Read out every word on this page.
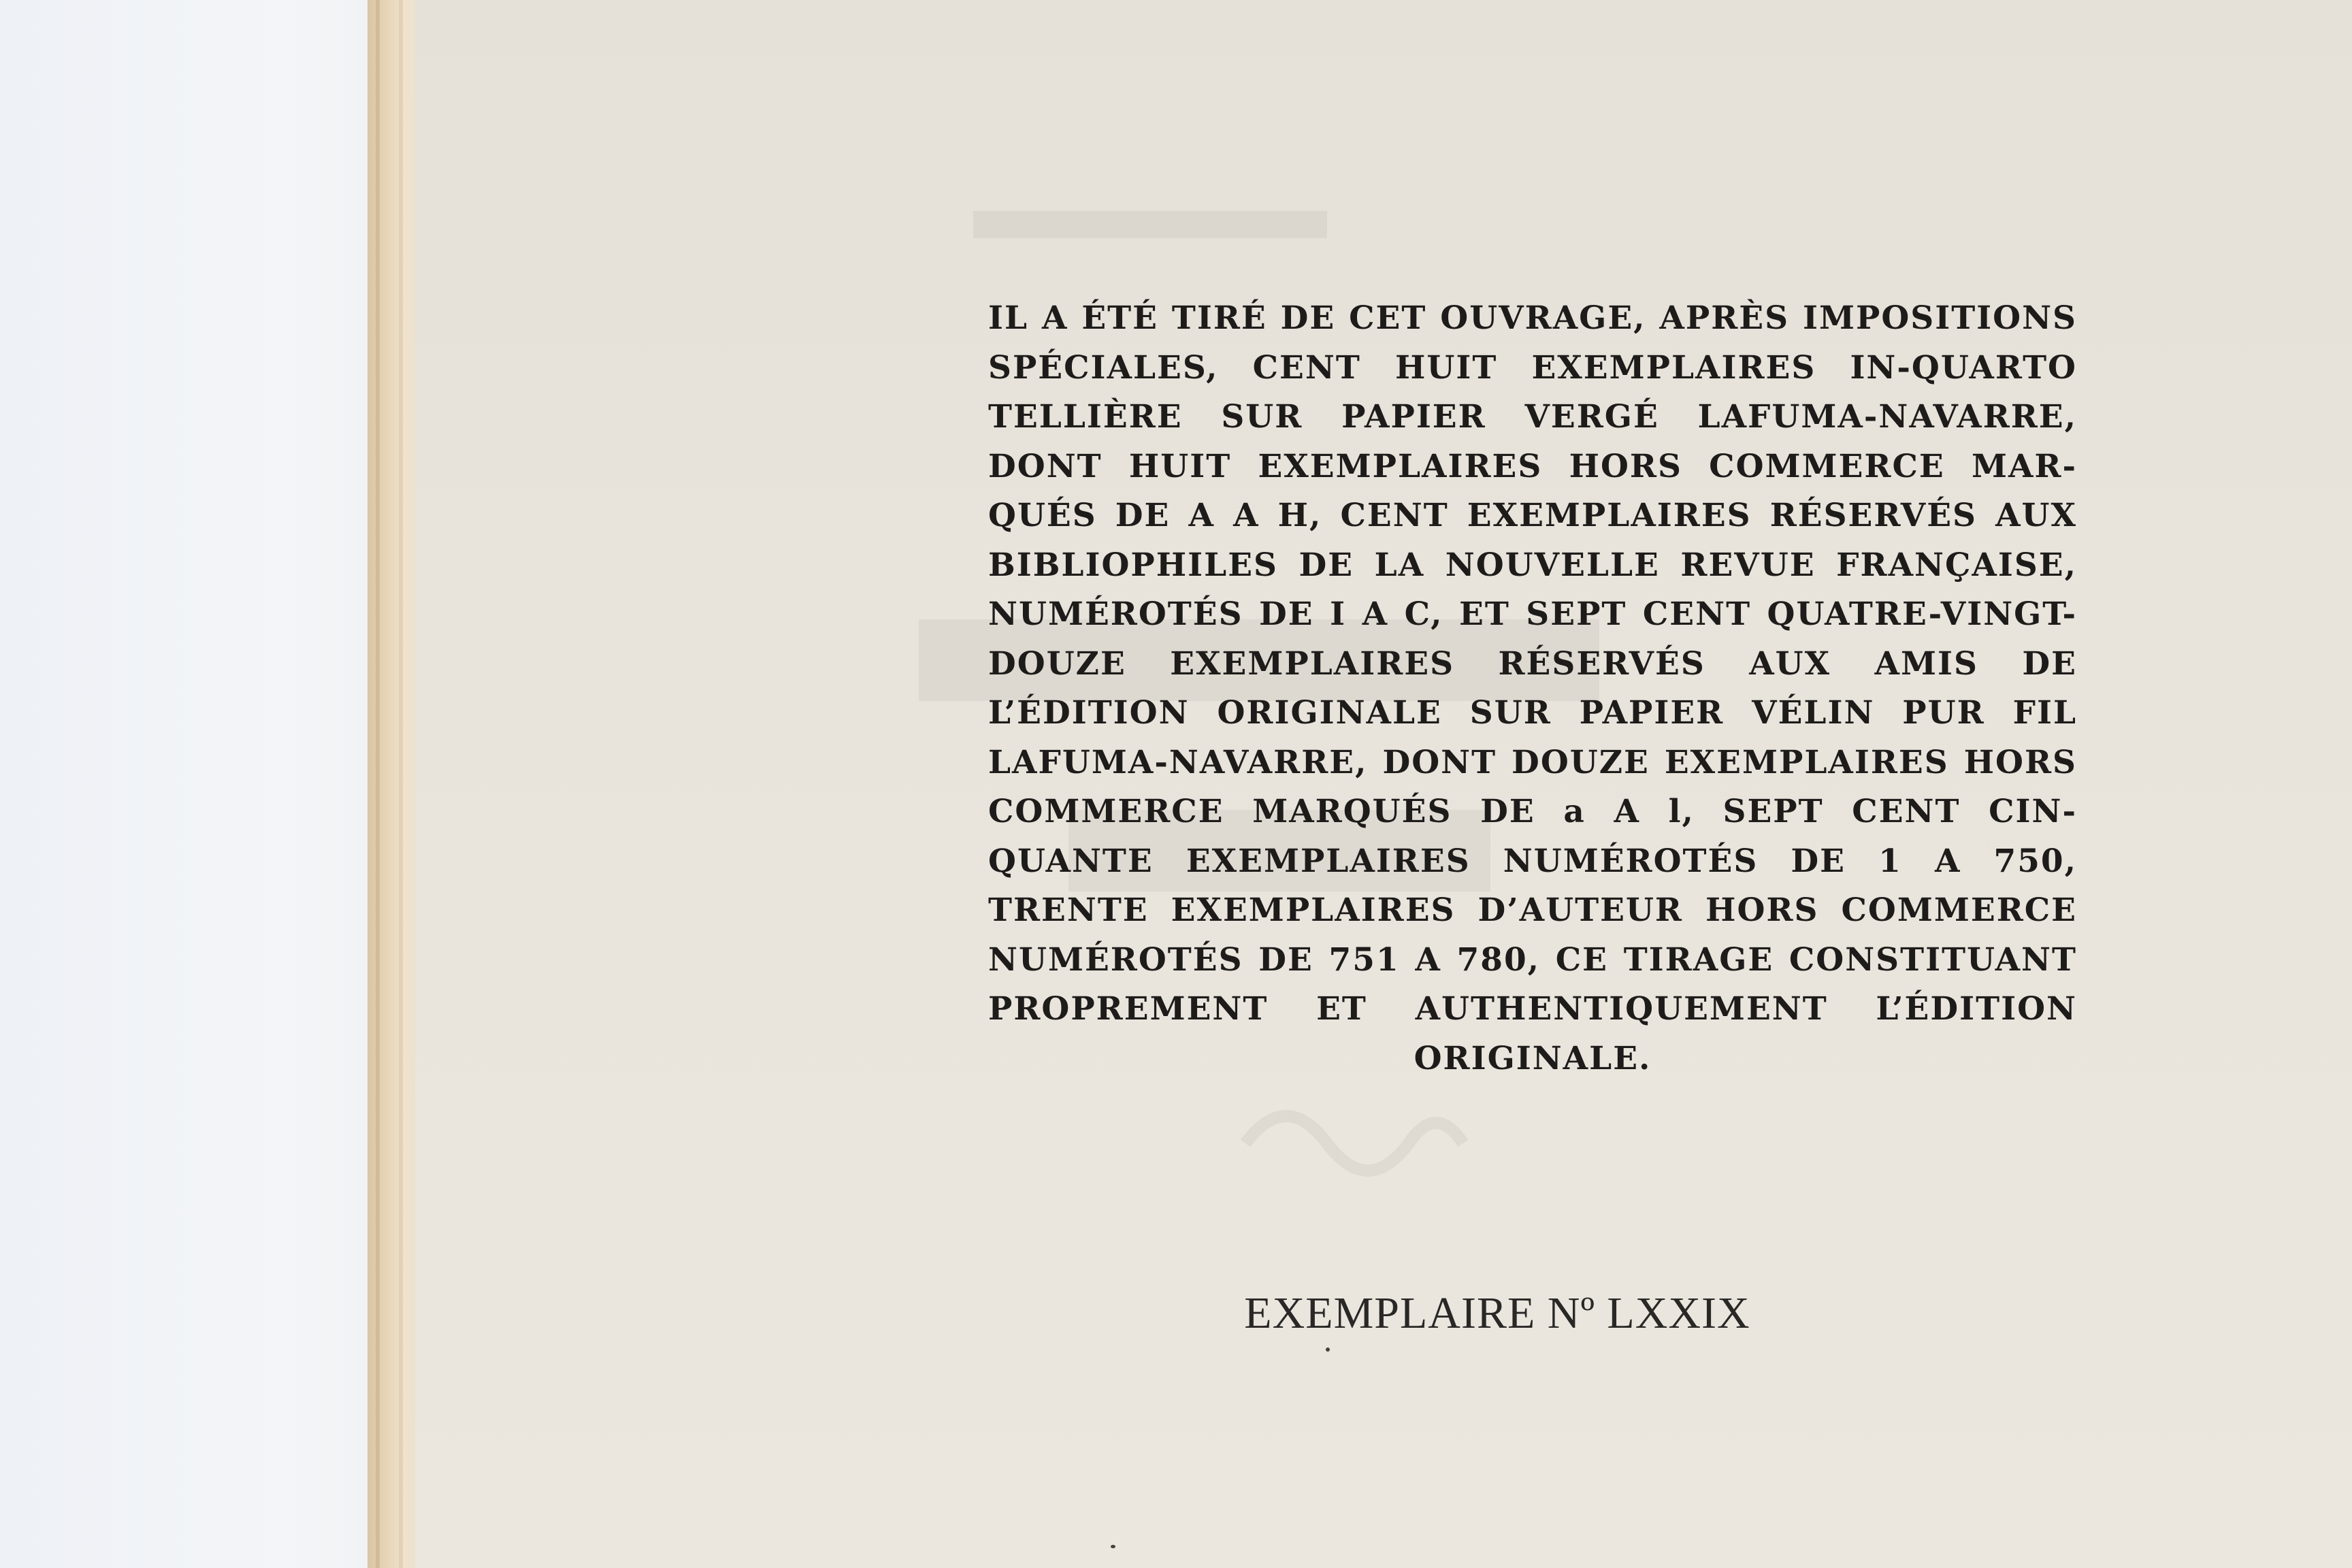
IL A ÉTÉ TIRÉ DE CET OUVRAGE, APRÈS IMPOSITIONS
SPÉCIALES, CENT HUIT EXEMPLAIRES IN-QUARTO
TELLIÈRE SUR PAPIER VERGÉ LAFUMA-NAVARRE,
DONT HUIT EXEMPLAIRES HORS COMMERCE MAR-
QUÉS DE A A H, CENT EXEMPLAIRES RÉSERVÉS AUX
BIBLIOPHILES DE LA NOUVELLE REVUE FRANÇAISE,
NUMÉROTÉS DE I A C, ET SEPT CENT QUATRE-VINGT-
DOUZE EXEMPLAIRES RÉSERVÉS AUX AMIS DE
L’ÉDITION ORIGINALE SUR PAPIER VÉLIN PUR FIL
LAFUMA-NAVARRE, DONT DOUZE EXEMPLAIRES HORS
COMMERCE MARQUÉS DE a A l, SEPT CENT CIN-
QUANTE EXEMPLAIRES NUMÉROTÉS DE 1 A 750,
TRENTE EXEMPLAIRES D’AUTEUR HORS COMMERCE
NUMÉROTÉS DE 751 A 780, CE TIRAGE CONSTITUANT
PROPREMENT ET AUTHENTIQUEMENT L’ÉDITION
ORIGINALE.
EXEMPLAIRE Nº LXXIX
